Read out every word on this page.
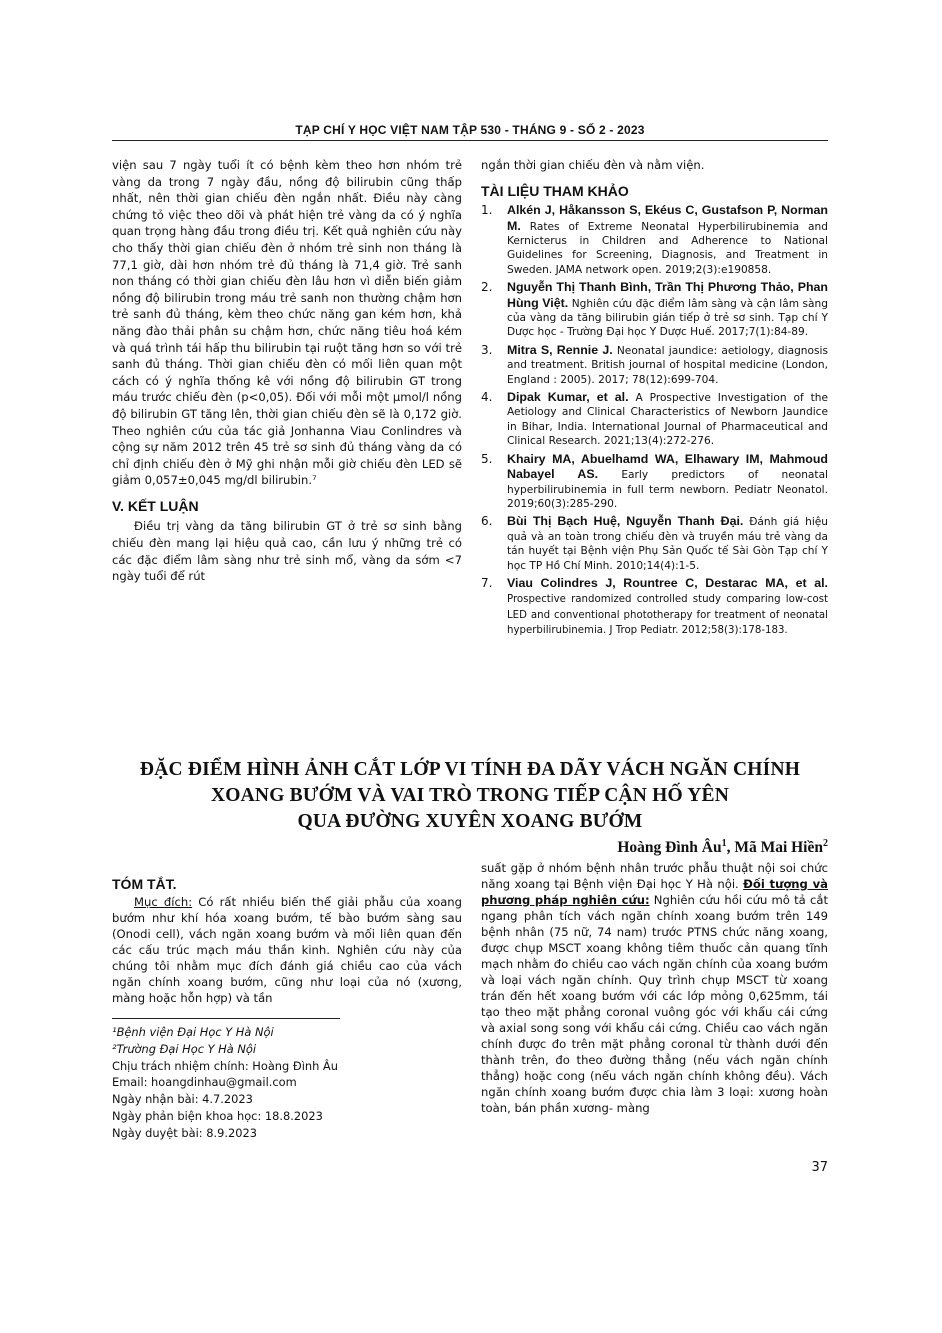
TẠP CHÍ Y HỌC VIỆT NAM TẬP 530 - THÁNG 9 - SỐ 2 - 2023

viện sau 7 ngày tuổi ít có bệnh kèm theo hơn nhóm trẻ vàng da trong 7 ngày đầu, nồng độ bilirubin cũng thấp nhất, nên thời gian chiếu đèn ngắn nhất. Điều này càng chứng tỏ việc theo dõi và phát hiện trẻ vàng da có ý nghĩa quan trọng hàng đầu trong điều trị. Kết quả nghiên cứu này cho thấy thời gian chiếu đèn ở nhóm trẻ sinh non tháng là 77,1 giờ, dài hơn nhóm trẻ đủ tháng là 71,4 giờ. Trẻ sanh non tháng có thời gian chiếu đèn lâu hơn vì diễn biến giảm nồng độ bilirubin trong máu trẻ sanh non thường chậm hơn trẻ sanh đủ tháng, kèm theo chức năng gan kém hơn, khả năng đào thải phân su chậm hơn, chức năng tiêu hoá kém và quá trình tái hấp thu bilirubin tại ruột tăng hơn so với trẻ sanh đủ tháng. Thời gian chiếu đèn có mối liên quan một cách có ý nghĩa thống kê với nồng độ bilirubin GT trong máu trước chiếu đèn (p<0,05). Đối với mỗi một µmol/l nồng độ bilirubin GT tăng lên, thời gian chiếu đèn sẽ là 0,172 giờ. Theo nghiên cứu của tác giả Jonhanna Viau Conlindres và cộng sự năm 2012 trên 45 trẻ sơ sinh đủ tháng vàng da có chỉ định chiếu đèn ở Mỹ ghi nhận mỗi giờ chiếu đèn LED sẽ giảm 0,057±0,045 mg/dl bilirubin.⁷

V. KẾT LUẬN

Điều trị vàng da tăng bilirubin GT ở trẻ sơ sinh bằng chiếu đèn mang lại hiệu quả cao, cần lưu ý những trẻ có các đặc điểm lâm sàng như trẻ sinh mổ, vàng da sớm <7 ngày tuổi để rút

ngắn thời gian chiếu đèn và nằm viện.

TÀI LIỆU THAM KHẢO
1.	Alkén J, Håkansson S, Ekéus C, Gustafson P, Norman M. Rates of Extreme Neonatal Hyperbilirubinemia and Kernicterus in Children and Adherence to National Guidelines for Screening, Diagnosis, and Treatment in Sweden. JAMA network open. 2019;2(3):e190858.
2.	Nguyễn Thị Thanh Bình, Trần Thị Phương Thảo, Phan Hùng Việt. Nghiên cứu đặc điểm lâm sàng và cận lâm sàng của vàng da tăng bilirubin gián tiếp ở trẻ sơ sinh. Tạp chí Y Dược học - Trường Đại học Y Dược Huế. 2017;7(1):84-89.
3.	Mitra S, Rennie J. Neonatal jaundice: aetiology, diagnosis and treatment. British journal of hospital medicine (London, England : 2005). 2017; 78(12):699-704.
4.	Dipak Kumar, et al. A Prospective Investigation of the Aetiology and Clinical Characteristics of Newborn Jaundice in Bihar, India. International Journal of Pharmaceutical and Clinical Research. 2021;13(4):272-276.
5.	Khairy MA, Abuelhamd WA, Elhawary IM, Mahmoud Nabayel AS. Early predictors of neonatal hyperbilirubinemia in full term newborn. Pediatr Neonatol. 2019;60(3):285-290.
6.	Bùi Thị Bạch Huệ, Nguyễn Thanh Đại. Đánh giá hiệu quả và an toàn trong chiếu đèn và truyền máu trẻ vàng da tán huyết tại Bệnh viện Phụ Sản Quốc tế Sài Gòn Tạp chí Y học TP Hồ Chí Minh. 2010;14(4):1-5.
7.	Viau Colindres J, Rountree C, Destarac MA, et al. Prospective randomized controlled study comparing low-cost LED and conventional phototherapy for treatment of neonatal hyperbilirubinemia. J Trop Pediatr. 2012;58(3):178-183.
ĐẶC ĐIỂM HÌNH ẢNH CẮT LỚP VI TÍNH ĐA DÃY VÁCH NGĂN CHÍNH
XOANG BƯỚM VÀ VAI TRÒ TRONG TIẾP CẬN HỐ YÊN
QUA ĐƯỜNG XUYÊN XOANG BƯỚM
Hoàng Đình $Âu^1$, Mã Mai Hiền$^2$
TÓM TẮT.

Mục đích: Có rất nhiều biến thể giải phẫu của xoang bướm như khí hóa xoang bướm, tế bào bướm sàng sau (Onodi cell), vách ngăn xoang bướm và mối liên quan đến các cấu trúc mạch máu thần kinh. Nghiên cứu này của chúng tôi nhằm mục đích đánh giá chiều cao của vách ngăn chính xoang bướm, cũng như loại của nó (xương, màng hoặc hỗn hợp) và tần

suất gặp ở nhóm bệnh nhân trước phẫu thuật nội soi chức năng xoang tại Bệnh viện Đại học Y Hà nội. Đối tượng và phương pháp nghiên cứu: Nghiên cứu hồi cứu mô tả cắt ngang phân tích vách ngăn chính xoang bướm trên 149 bệnh nhân (75 nữ, 74 nam) trước PTNS chức năng xoang, được chụp MSCT xoang không tiêm thuốc cản quang tĩnh mạch nhằm đo chiều cao vách ngăn chính của xoang bướm và loại vách ngăn chính. Quy trình chụp MSCT từ xoang trán đến hết xoang bướm với các lớp mỏng 0,625mm, tái tạo theo mặt phẳng coronal vuông góc với khẩu cái cứng và axial song song với khẩu cái cứng. Chiều cao vách ngăn chính được đo trên mặt phẳng coronal từ thành dưới đến thành trên, đo theo đường thẳng (nếu vách ngăn chính thẳng) hoặc cong (nếu vách ngăn chính không đều). Vách ngăn chính xoang bướm được chia làm 3 loại: xương hoàn toàn, bán phần xương- màng

¹Bệnh viện Đại Học Y Hà Nội
²Trường Đại Học Y Hà Nội
Chịu trách nhiệm chính: Hoàng Đình Âu
Email: hoangdinhau@gmail.com
Ngày nhận bài: 4.7.2023
Ngày phản biện khoa học: 18.8.2023
Ngày duyệt bài: 8.9.2023
37
